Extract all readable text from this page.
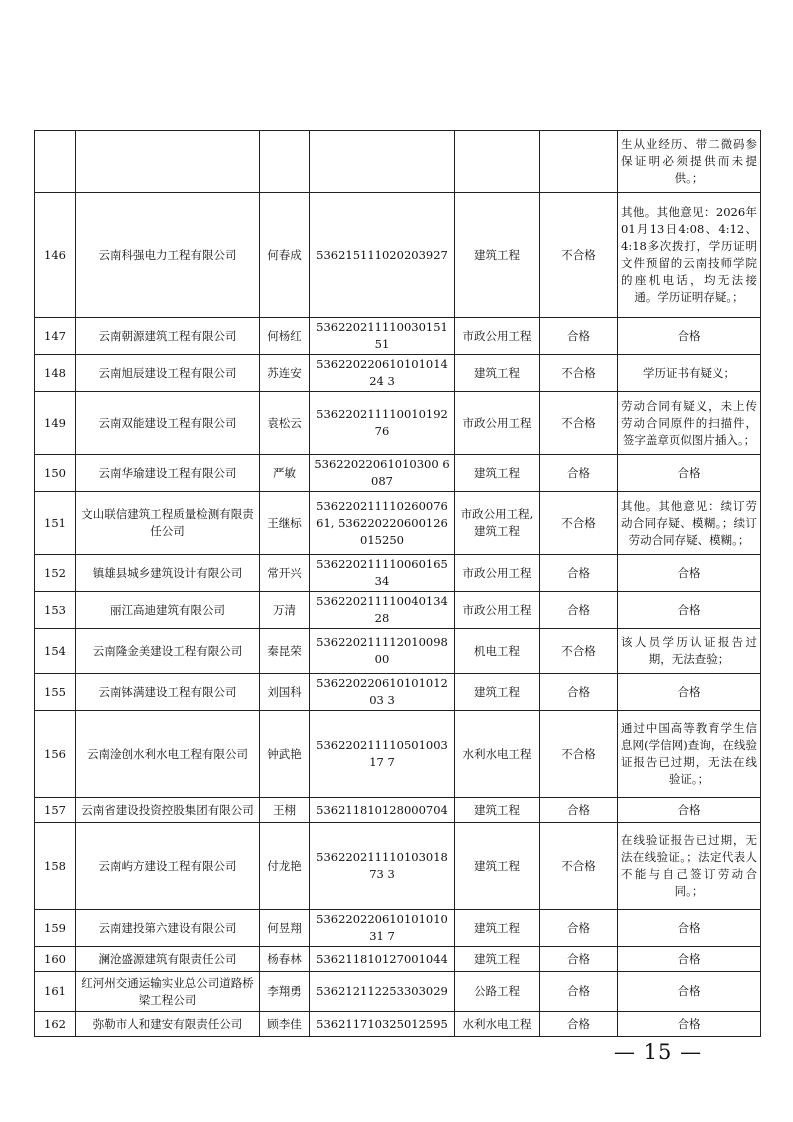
						生从业经历、带二微码参保证明必须提供而未提供。；
146	云南科强电力工程有限公司	何春成	536215111020203927	建筑工程	不合格	其他。其他意见：2026年01月13日4:08、4:12、4:18多次拨打，学历证明文件预留的云南技师学院的座机电话，均无法接通。学历证明存疑。；
147	云南朝源建筑工程有限公司	何杨红	53622021111003015151	市政公用工程	合格	合格
148	云南旭辰建设工程有限公司	苏连安	53622022061010101424 3	建筑工程	不合格	学历证书有疑义；
149	云南双能建设工程有限公司	袁松云	53622021111001019276	市政公用工程	不合格	劳动合同有疑义，未上传劳动合同原件的扫描件，签字盖章页似图片插入。；
150	云南华瑜建设工程有限公司	严敏	53622022061010300 6087	建筑工程	合格	合格
151	文山联信建筑工程质量检测有限责任公司	王继标	53622021111026007661, 536220220600126015250	市政公用工程, 建筑工程	不合格	其他。其他意见：续订劳动合同存疑、模糊。；续订劳动合同存疑、模糊。；
152	镇雄县城乡建筑设计有限公司	常开兴	53622021111006016534	市政公用工程	合格	合格
153	丽江高迪建筑有限公司	万清	53622021111004013428	市政公用工程	合格	合格
154	云南隆金美建设工程有限公司	秦昆荣	53622021111201009800	机电工程	不合格	该人员学历认证报告过期，无法查验；
155	云南钵满建设工程有限公司	刘国科	53622022061010101203 3	建筑工程	合格	合格
156	云南淦创水利水电工程有限公司	钟武艳	53622021111050100317 7	水利水电工程	不合格	通过中国高等教育学生信息网(学信网)查询，在线验证报告已过期，无法在线验证。；
157	云南省建设投资控股集团有限公司	王栩	536211810128000704	建筑工程	合格	合格
158	云南屿方建设工程有限公司	付龙艳	53622021111010301873 3	建筑工程	不合格	在线验证报告已过期，无法在线验证。；法定代表人不能与自己签订劳动合同。；
159	云南建投第六建设有限公司	何昱翔	53622022061010101031 7	建筑工程	合格	合格
160	澜沧盛源建筑有限责任公司	杨春林	536211810127001044	建筑工程	合格	合格
161	红河州交通运输实业总公司道路桥梁工程公司	李翔勇	536212112253303029	公路工程	合格	合格
162	弥勒市人和建安有限责任公司	顾李佳	536211710325012595	水利水电工程	合格	合格
— 15 —
